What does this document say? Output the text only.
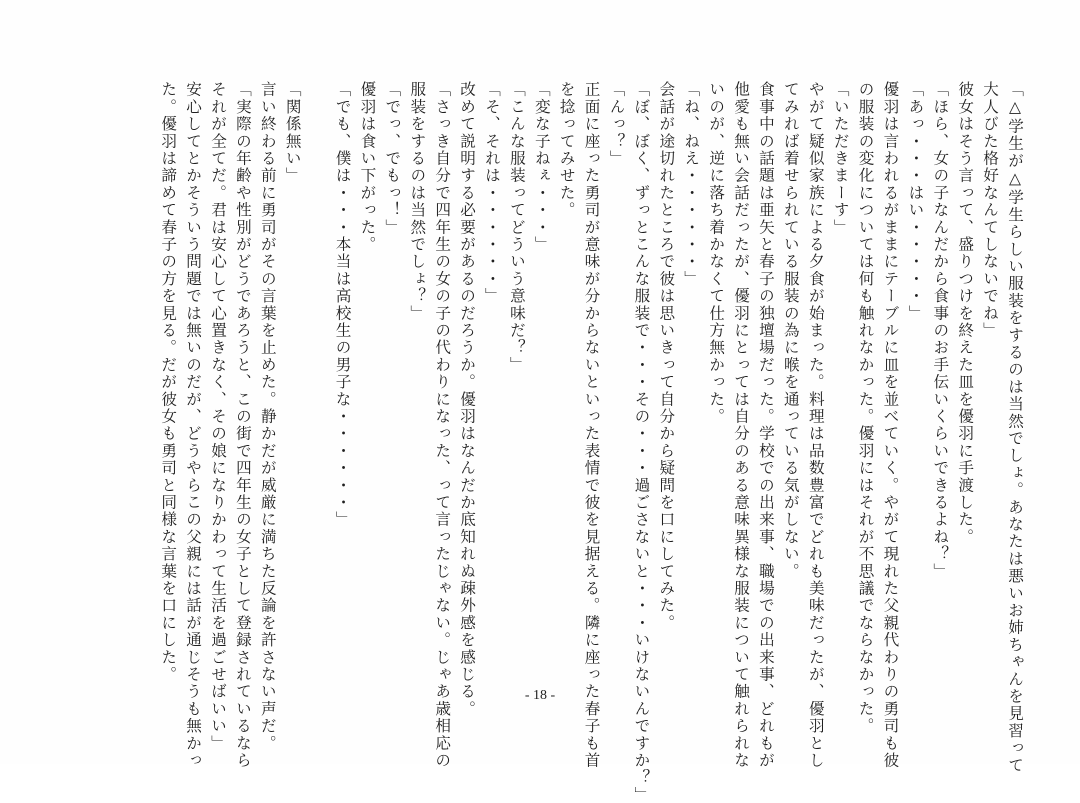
「△学生が△学生らしい服装をするのは当然でしょ。あなたは悪いお姉ちゃんを見習って
大人びた格好なんてしないでね」
彼女はそう言って、盛りつけを終えた皿を優羽に手渡した。
「ほら、女の子なんだから食事のお手伝いくらいできるよね？」
「あっ・・・はい・・・・・」
優羽は言われるがままにテーブルに皿を並べていく。やがて現れた父親代わりの勇司も彼
の服装の変化については何も触れなかった。優羽にはそれが不思議でならなかった。
「いただきまーす」
やがて疑似家族による夕食が始まった。料理は品数豊富でどれも美味だったが、優羽とし
てみれば着せられている服装の為に喉を通っている気がしない。
食事中の話題は亜矢と春子の独壇場だった。学校での出来事、職場での出来事、どれもが
他愛も無い会話だったが、優羽にとっては自分のある意味異様な服装について触れられな
いのが、逆に落ち着かなくて仕方無かった。
「ね、ねえ・・・・・・」
会話が途切れたところで彼は思いきって自分から疑問を口にしてみた。
「ぼ、ぼく、ずっとこんな服装で・・・その・・・過ごさないと・・・いけないんですか？」
「んっ？」
正面に座った勇司が意味が分からないといった表情で彼を見据える。隣に座った春子も首
を捻ってみせた。
「変な子ねぇ・・・」
「こんな服装ってどういう意味だ？」
「そ、それは・・・・・・」
改めて説明する必要があるのだろうか。優羽はなんだか底知れぬ疎外感を感じる。
「さっき自分で四年生の女の子の代わりになった、って言ったじゃない。じゃあ歳相応の
服装をするのは当然でしょ？」
「でっ、でもっ！」
優羽は食い下がった。
「でも、僕は・・・本当は高校生の男子な・・・・・・」
「関係無い」
言い終わる前に勇司がその言葉を止めた。静かだが威厳に満ちた反論を許さない声だ。
「実際の年齢や性別がどうであろうと、この街で四年生の女子として登録されているなら
それが全てだ。君は安心して心置きなく、その娘になりかわって生活を過ごせばいい」
安心してとかそういう問題では無いのだが、どうやらこの父親には話が通じそうも無かっ
た。優羽は諦めて春子の方を見る。だが彼女も勇司と同様な言葉を口にした。
- 18 -
